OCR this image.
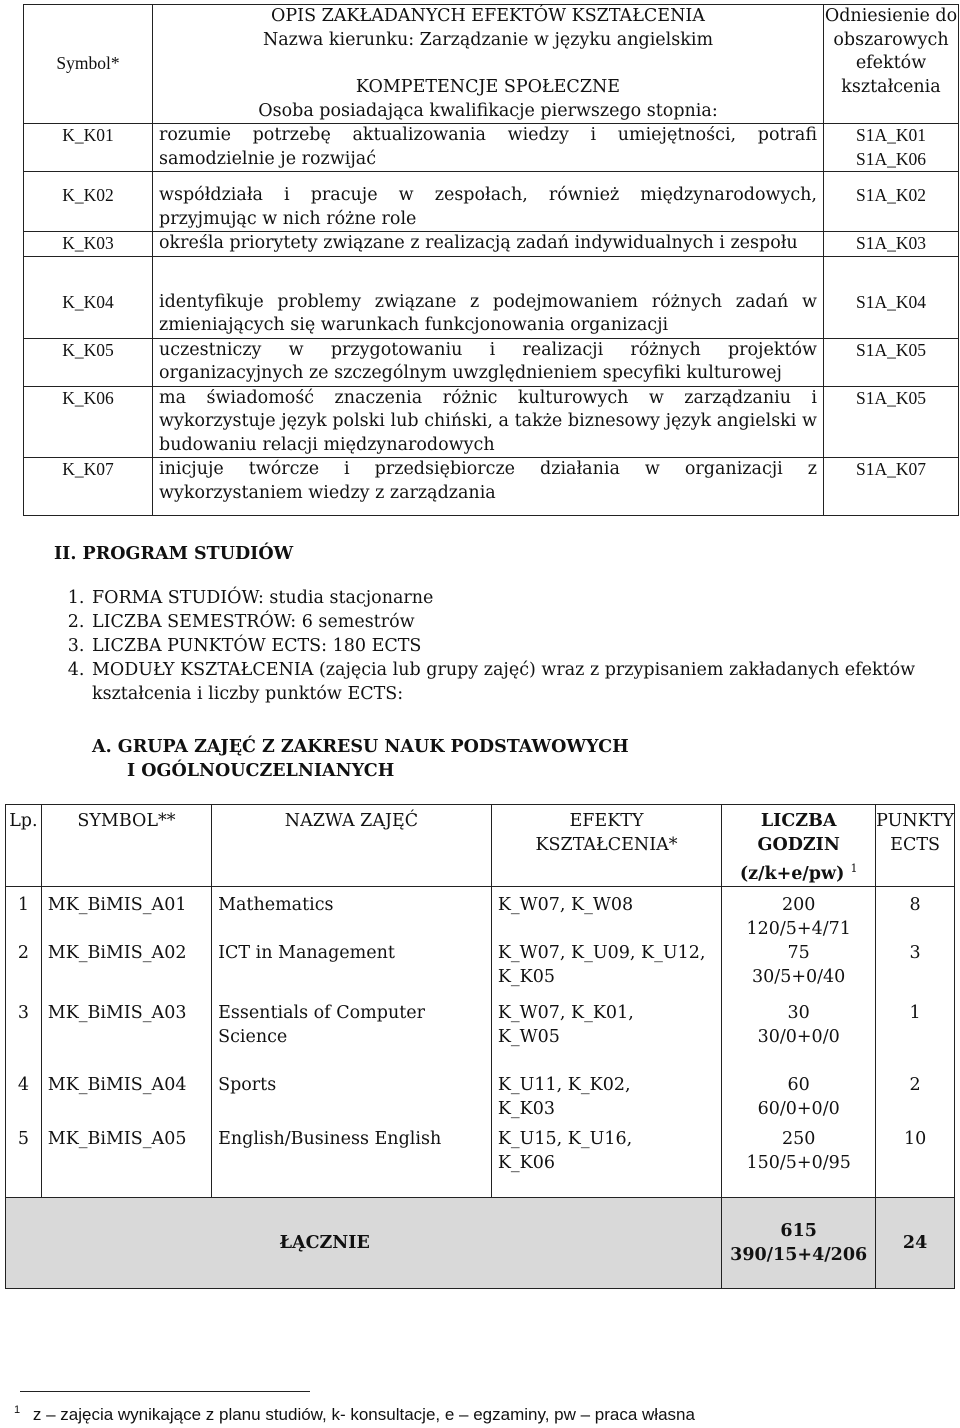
Symbol*	OPIS ZAKŁADANYCH EFEKTÓW KSZTAŁCENIA
Nazwa kierunku: Zarządzanie w języku angielskim
KOMPETENCJE SPOŁECZNE
Osoba posiadająca kwalifikacje pierwszego stopnia:	Odniesienie do
obszarowych
efektów
kształcenia

K_K01	rozumie potrzebę aktualizowania wiedzy i umiejętności, potrafi samodzielnie je rozwijać	S1A_K01
S1A_K06

K_K02	współdziała i pracuje w zespołach, również międzynarodowych, przyjmując w nich różne role	S1A_K02
K_K03	określa priorytety związane z realizacją zadań indywidualnych i zespołu	S1A_K03
K_K04	identyfikuje problemy związane z podejmowaniem różnych zadań w zmieniających się warunkach funkcjonowania organizacji	S1A_K04
K_K05	uczestniczy w przygotowaniu i realizacji różnych projektów organizacyjnych ze szczególnym uwzględnieniem specyfiki kulturowej	S1A_K05
K_K06	ma świadomość znaczenia różnic kulturowych w zarządzaniu i wykorzystuje język polski lub chiński, a także biznesowy język angielski w budowaniu relacji międzynarodowych	S1A_K05
K_K07	inicjuje twórcze i przedsiębiorcze działania w organizacji z wykorzystaniem wiedzy z zarządzania	S1A_K07
II. PROGRAM STUDIÓW
1. FORMA STUDIÓW: studia stacjonarne
2. LICZBA SEMESTRÓW: 6 semestrów
3. LICZBA PUNKTÓW ECTS: 180 ECTS
4. MODUŁY KSZTAŁCENIA (zajęcia lub grupy zajęć) wraz z przypisaniem zakładanych efektów kształcenia i liczby punktów ECTS:
A. GRUPA ZAJĘĆ Z ZAKRESU NAUK PODSTAWOWYCH
I OGÓLNOUCZELNIANYCH
Lp.	SYMBOL**	NAZWA ZAJĘĆ	EFEKTY
KSZTAŁCENIA*	LICZBA GODZIN
(z/k+e/pw) $^1$	PUNKTY
ECTS

1	MK_BiMIS_A01	Mathematics	K_W07, K_W08	200
120/5+4/71	8
2	MK_BiMIS_A02	ICT in Management	K_W07, K_U09, K_U12, K_K05	75
30/5+0/40	3
3	MK_BiMIS_A03	Essentials of Computer Science	K_W07, K_K01, K_W05	30
30/0+0/0	1
4	MK_BiMIS_A04	Sports	K_U11, K_K02, K_K03	60
60/0+0/0	2
5	MK_BiMIS_A05	English/Business English	K_U15, K_U16, K_K06	250
150/5+0/95	10
		ŁĄCZNIE		615
390/15+4/206	24
$^1$ z – zajęcia wynikające z planu studiów, k- konsultacje, e – egzaminy, pw – praca własna
